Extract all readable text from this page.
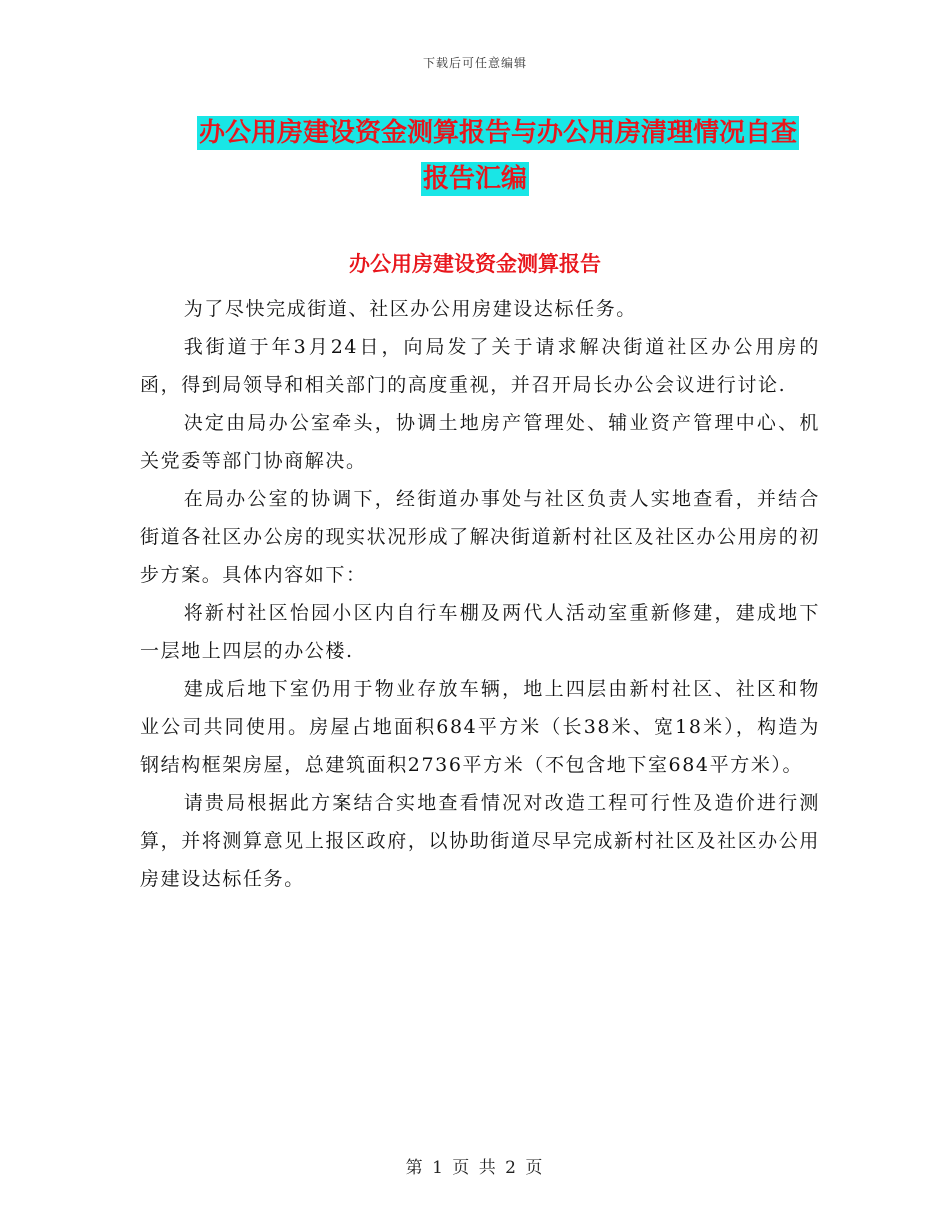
下载后可任意编辑
办公用房建设资金测算报告与办公用房清理情况自查
报告汇编
办公用房建设资金测算报告

为了尽快完成街道、社区办公用房建设达标任务。

我街道于年3月24日，向局发了关于请求解决街道社区办公用房的函，得到局领导和相关部门的高度重视，并召开局长办公会议进行讨论.

决定由局办公室牵头，协调土地房产管理处、辅业资产管理中心、机关党委等部门协商解决。

在局办公室的协调下，经街道办事处与社区负责人实地查看，并结合街道各社区办公房的现实状况形成了解决街道新村社区及社区办公用房的初步方案。具体内容如下：

将新村社区怡园小区内自行车棚及两代人活动室重新修建，建成地下一层地上四层的办公楼.

建成后地下室仍用于物业存放车辆，地上四层由新村社区、社区和物业公司共同使用。房屋占地面积684平方米（长38米、宽18米），构造为钢结构框架房屋，总建筑面积2736平方米（不包含地下室684平方米）。

请贵局根据此方案结合实地查看情况对改造工程可行性及造价进行测算，并将测算意见上报区政府，以协助街道尽早完成新村社区及社区办公用房建设达标任务。

第 1 页 共 2 页
